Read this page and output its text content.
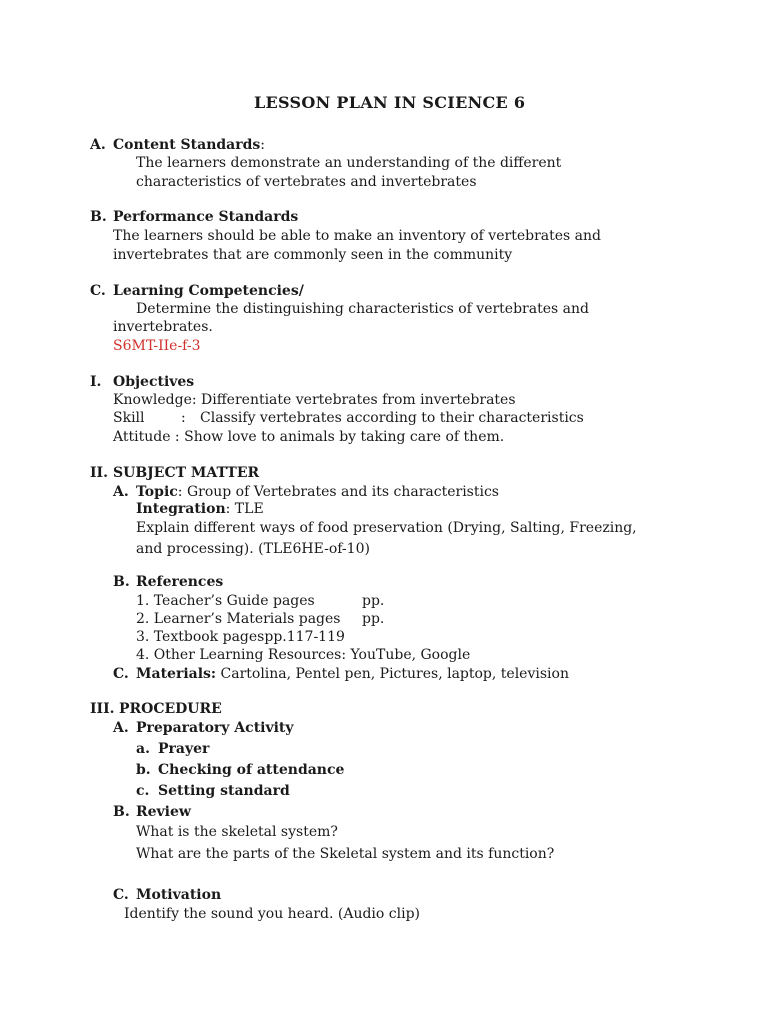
LESSON PLAN IN SCIENCE 6
A. Content Standards:
The learners demonstrate an understanding of the different
characteristics of vertebrates and invertebrates
B. Performance Standards
The learners should be able to make an inventory of vertebrates and
invertebrates that are commonly seen in the community
C. Learning Competencies/
Determine the distinguishing characteristics of vertebrates and
invertebrates.
S6MT-IIe-f-3
I. Objectives
Knowledge: Differentiate vertebrates from invertebrates
Skill	: Classify vertebrates according to their characteristics
Attitude : Show love to animals by taking care of them.
II. SUBJECT MATTER
A. Topic: Group of Vertebrates and its characteristics
Integration: TLE
Explain different ways of food preservation (Drying, Salting, Freezing,
and processing). (TLE6HE-of-10)
B. References
1. Teacher’s Guide pages	pp.
2. Learner’s Materials pages pp.
3. Textbook pagespp.117-119
4. Other Learning Resources: YouTube, Google
C. Materials: Cartolina, Pentel pen, Pictures, laptop, television
III. PROCEDURE
A. Preparatory Activity
a. Prayer
b. Checking of attendance
c. Setting standard
B. Review
What is the skeletal system?
What are the parts of the Skeletal system and its function?
C. Motivation
Identify the sound you heard. (Audio clip)
